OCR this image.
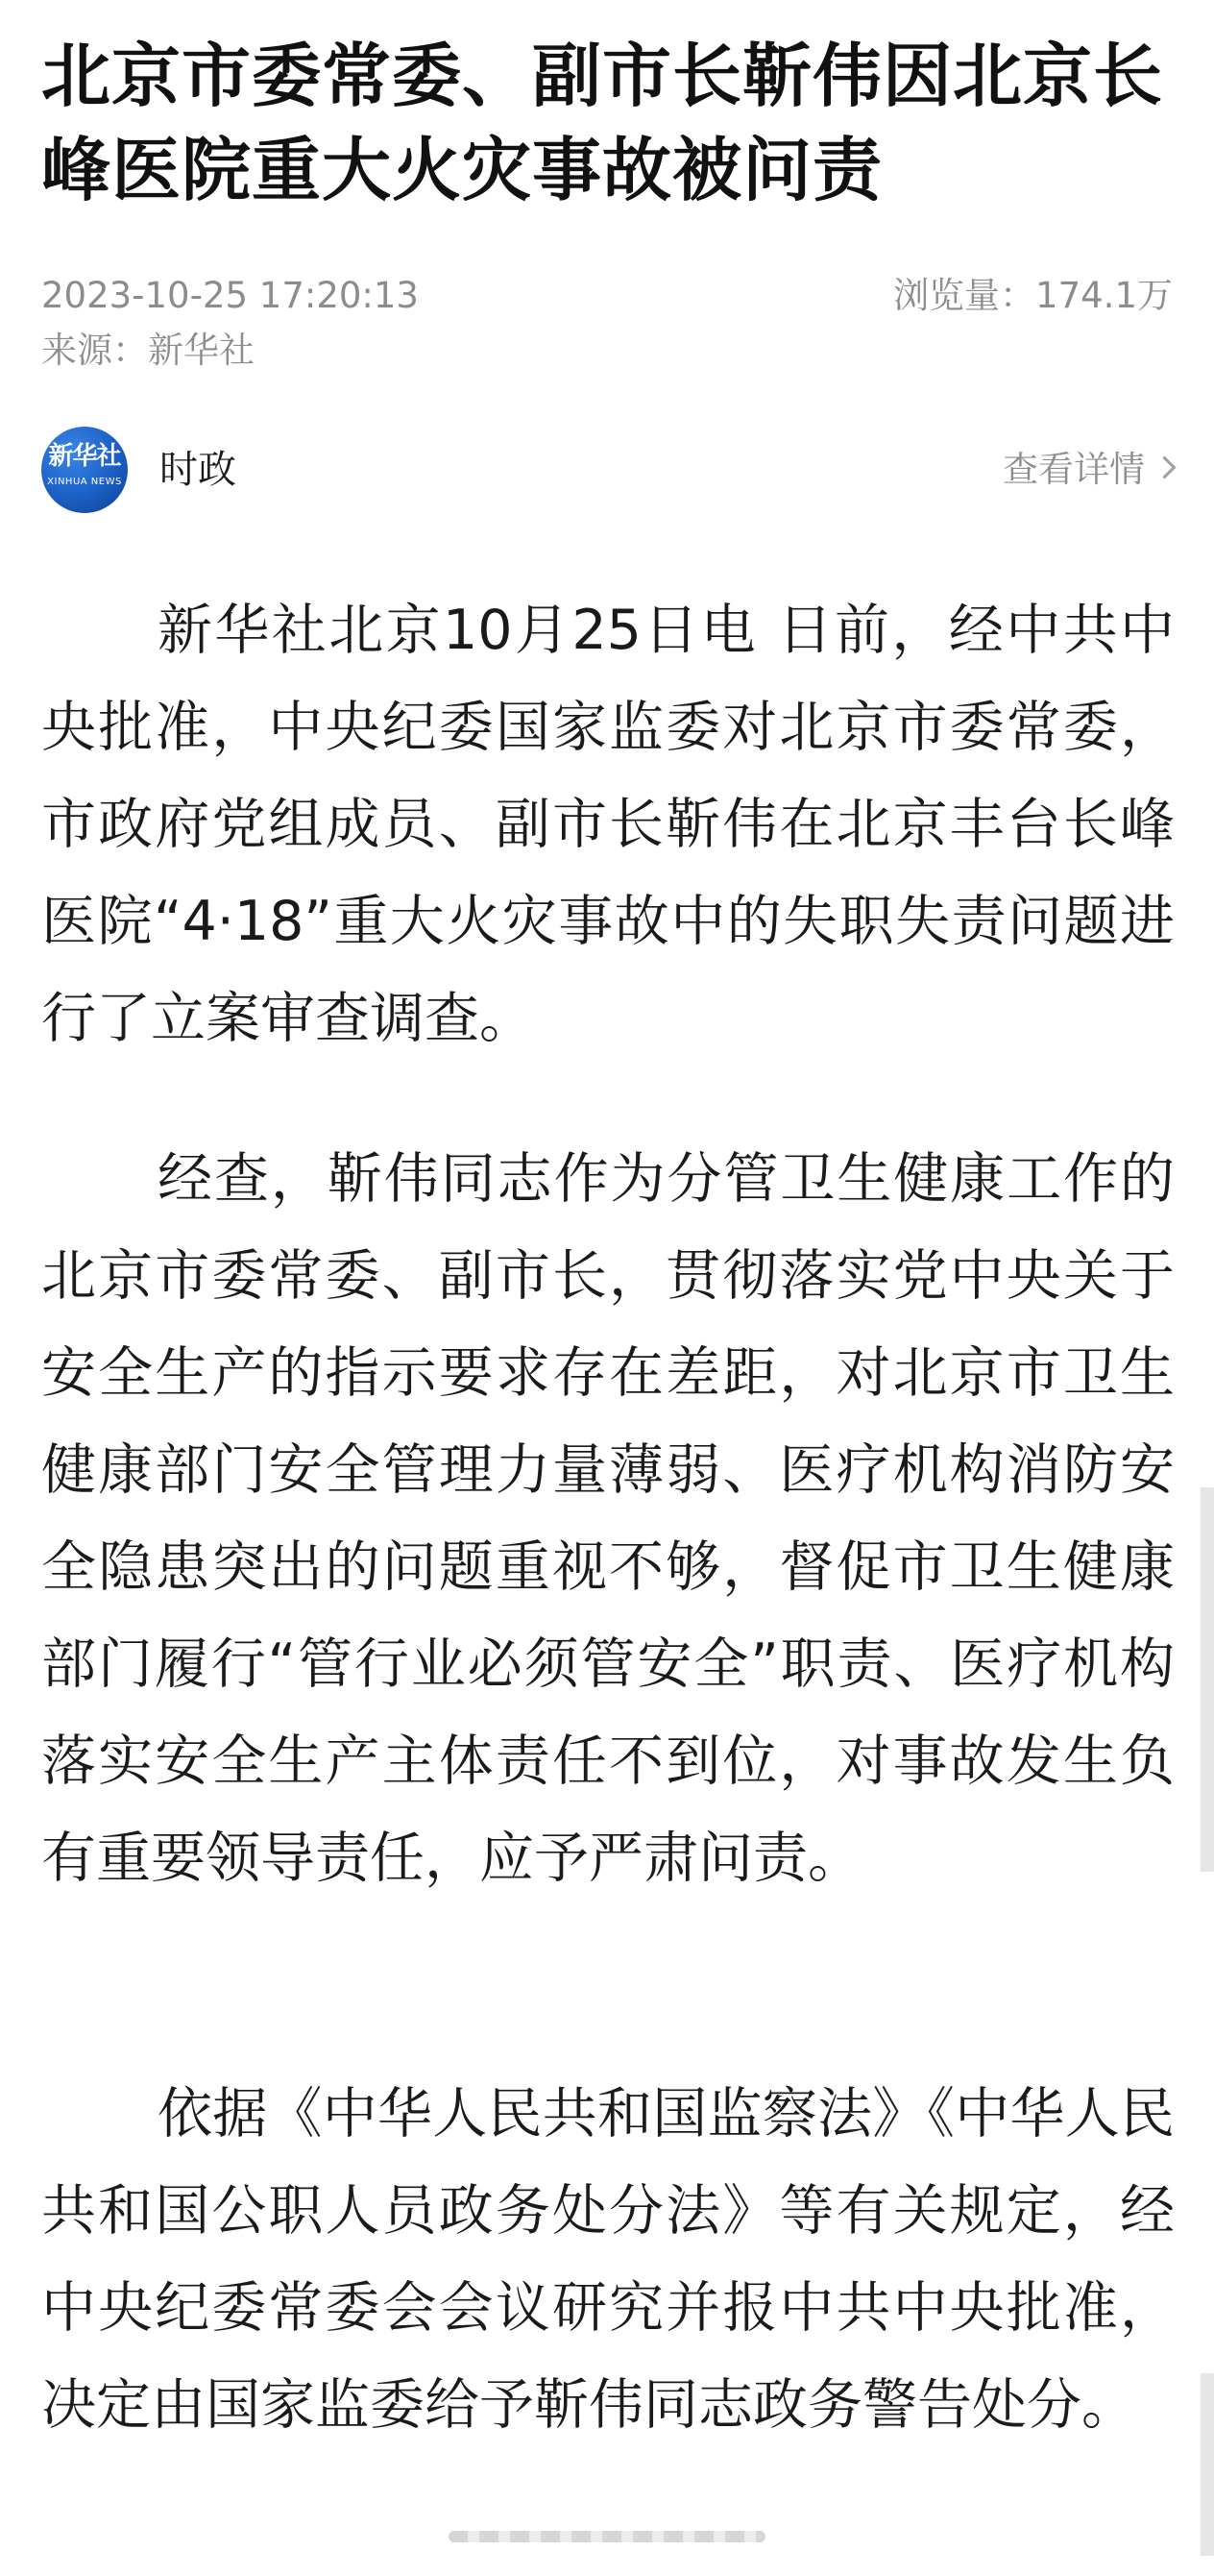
北京市委常委、副市长靳伟因北京长峰医院重大火灾事故被问责
2023-10-25 17:20:13	浏览量：174.1万
来源：新华社
新华社
XINHUA NEWS 时政	查看详情

新华社北京10月25日电 日前，经中共中央批准，中央纪委国家监委对北京市委常委，市政府党组成员、副市长靳伟在北京丰台长峰医院“4·18”重大火灾事故中的失职失责问题进行了立案审查调查。

经查，靳伟同志作为分管卫生健康工作的北京市委常委、副市长，贯彻落实党中央关于安全生产的指示要求存在差距，对北京市卫生健康部门安全管理力量薄弱、医疗机构消防安全隐患突出的问题重视不够，督促市卫生健康部门履行“管行业必须管安全”职责、医疗机构落实安全生产主体责任不到位，对事故发生负有重要领导责任，应予严肃问责。

依据《中华人民共和国监察法》《中华人民共和国公职人员政务处分法》等有关规定，经中央纪委常委会会议研究并报中共中央批准，决定由国家监委给予靳伟同志政务警告处分。
